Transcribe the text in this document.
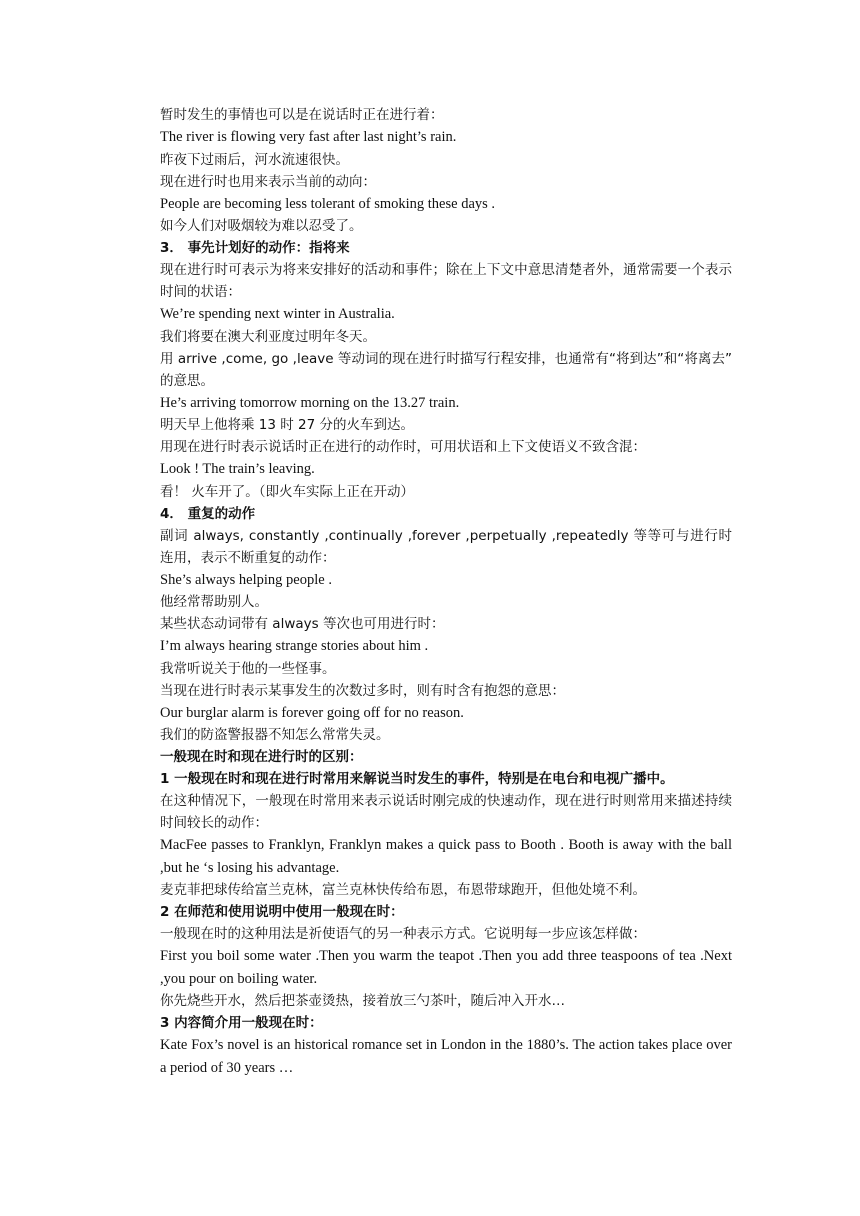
暂时发生的事情也可以是在说话时正在进行着：

The river is flowing very fast after last night’s rain.

昨夜下过雨后，河水流速很快。

现在进行时也用来表示当前的动向：

People are becoming less tolerant of smoking these days .

如今人们对吸烟较为难以忍受了。

3． 事先计划好的动作：指将来

现在进行时可表示为将来安排好的活动和事件；除在上下文中意思清楚者外，通常需要一个表示时间的状语：

We’re spending next winter in Australia.

我们将要在澳大利亚度过明年冬天。

用 arrive ,come, go ,leave 等动词的现在进行时描写行程安排，也通常有“将到达”和“将离去” 的意思。

He’s arriving tomorrow morning on the 13.27 train.

明天早上他将乘 13 时 27 分的火车到达。

用现在进行时表示说话时正在进行的动作时，可用状语和上下文使语义不致含混：

Look ! The train’s leaving.

看！ 火车开了。（即火车实际上正在开动）

4． 重复的动作

副词 always, constantly ,continually ,forever ,perpetually ,repeatedly 等等可与进行时连用，表示不断重复的动作：

She’s always helping people .

他经常帮助别人。

某些状态动词带有 always 等次也可用进行时：

I’m always hearing strange stories about him .

我常听说关于他的一些怪事。

当现在进行时表示某事发生的次数过多时，则有时含有抱怨的意思：

Our burglar alarm is forever going off for no reason.

我们的防盗警报器不知怎么常常失灵。

一般现在时和现在进行时的区别：

1 一般现在时和现在进行时常用来解说当时发生的事件，特别是在电台和电视广播中。

在这种情况下，一般现在时常用来表示说话时刚完成的快速动作，现在进行时则常用来描述持续时间较长的动作：

MacFee passes to Franklyn, Franklyn makes a quick pass to Booth . Booth is away with the ball ,but he ‘s losing his advantage.

麦克菲把球传给富兰克林，富兰克林快传给布恩，布恩带球跑开，但他处境不利。

2 在师范和使用说明中使用一般现在时：

一般现在时的这种用法是祈使语气的另一种表示方式。它说明每一步应该怎样做：

First you boil some water .Then you warm the teapot .Then you add three teaspoons of tea .Next ,you pour on boiling water.

你先烧些开水，然后把茶壶烫热，接着放三勺茶叶，随后冲入开水…

3 内容简介用一般现在时：

Kate Fox’s novel is an historical romance set in London in the 1880’s. The action takes place over a period of 30 years …
